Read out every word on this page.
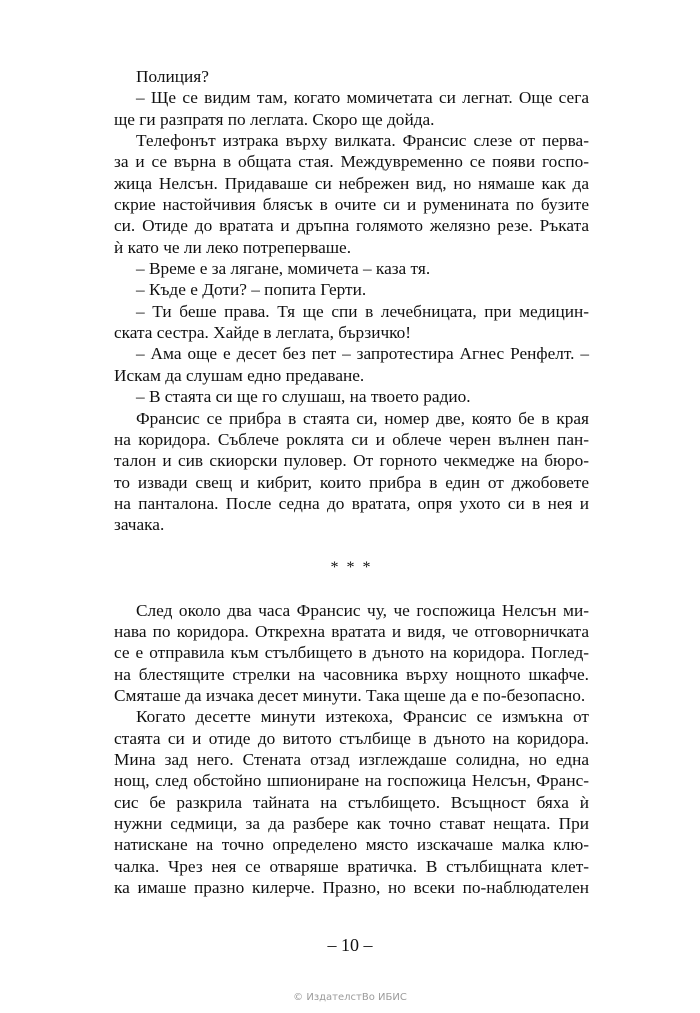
Полиция?
– Ще се видим там, когато момичетата си легнат. Още сега
ще ги разпратя по леглата. Скоро ще дойда.
Телефонът изтрака върху вилката. Франсис слезе от перва-
за и се върна в общата стая. Междувременно се появи госпо-
жица Нелсън. Придаваше си небрежен вид, но нямаше как да
скрие настойчивия блясък в очите си и руменината по бузите
си. Отиде до вратата и дръпна голямото желязно резе. Ръката
ѝ като че ли леко потреперваше.
– Време е за лягане, момичета – каза тя.
– Къде е Доти? – попита Герти.
– Ти беше права. Тя ще спи в лечебницата, при медицин-
ската сестра. Хайде в леглата, бързичко!
– Ама още е десет без пет – запротестира Агнес Ренфелт. –
Искам да слушам едно предаване.
– В стаята си ще го слушаш, на твоето радио.
Франсис се прибра в стаята си, номер две, която бе в края
на коридора. Съблече роклята си и облече черен вълнен пан-
талон и сив скиорски пуловер. От горното чекмедже на бюро-
то извади свещ и кибрит, които прибра в един от джобовете
на панталона. После седна до вратата, опря ухото си в нея и
зачака.
* * *
След около два часа Франсис чу, че госпожица Нелсън ми-
нава по коридора. Открехна вратата и видя, че отговорничката
се е отправила към стълбището в дъното на коридора. Поглед-
на блестящите стрелки на часовника върху нощното шкафче.
Смяташе да изчака десет минути. Така щеше да е по-безопасно.
Когато десетте минути изтекоха, Франсис се измъкна от
стаята си и отиде до витото стълбище в дъното на коридора.
Мина зад него. Стената отзад изглеждаше солидна, но една
нощ, след обстойно шпиониране на госпожица Нелсън, Франс-
сис бе разкрила тайната на стълбището. Всъщност бяха ѝ
нужни седмици, за да разбере как точно стават нещата. При
натискане на точно определено място изскачаше малка клю-
чалка. Чрез нея се отваряше вратичка. В стълбищната клет-
ка имаше празно килерче. Празно, но всеки по-наблюдателен
– 10 –
© ИздателстВо ИБИС
